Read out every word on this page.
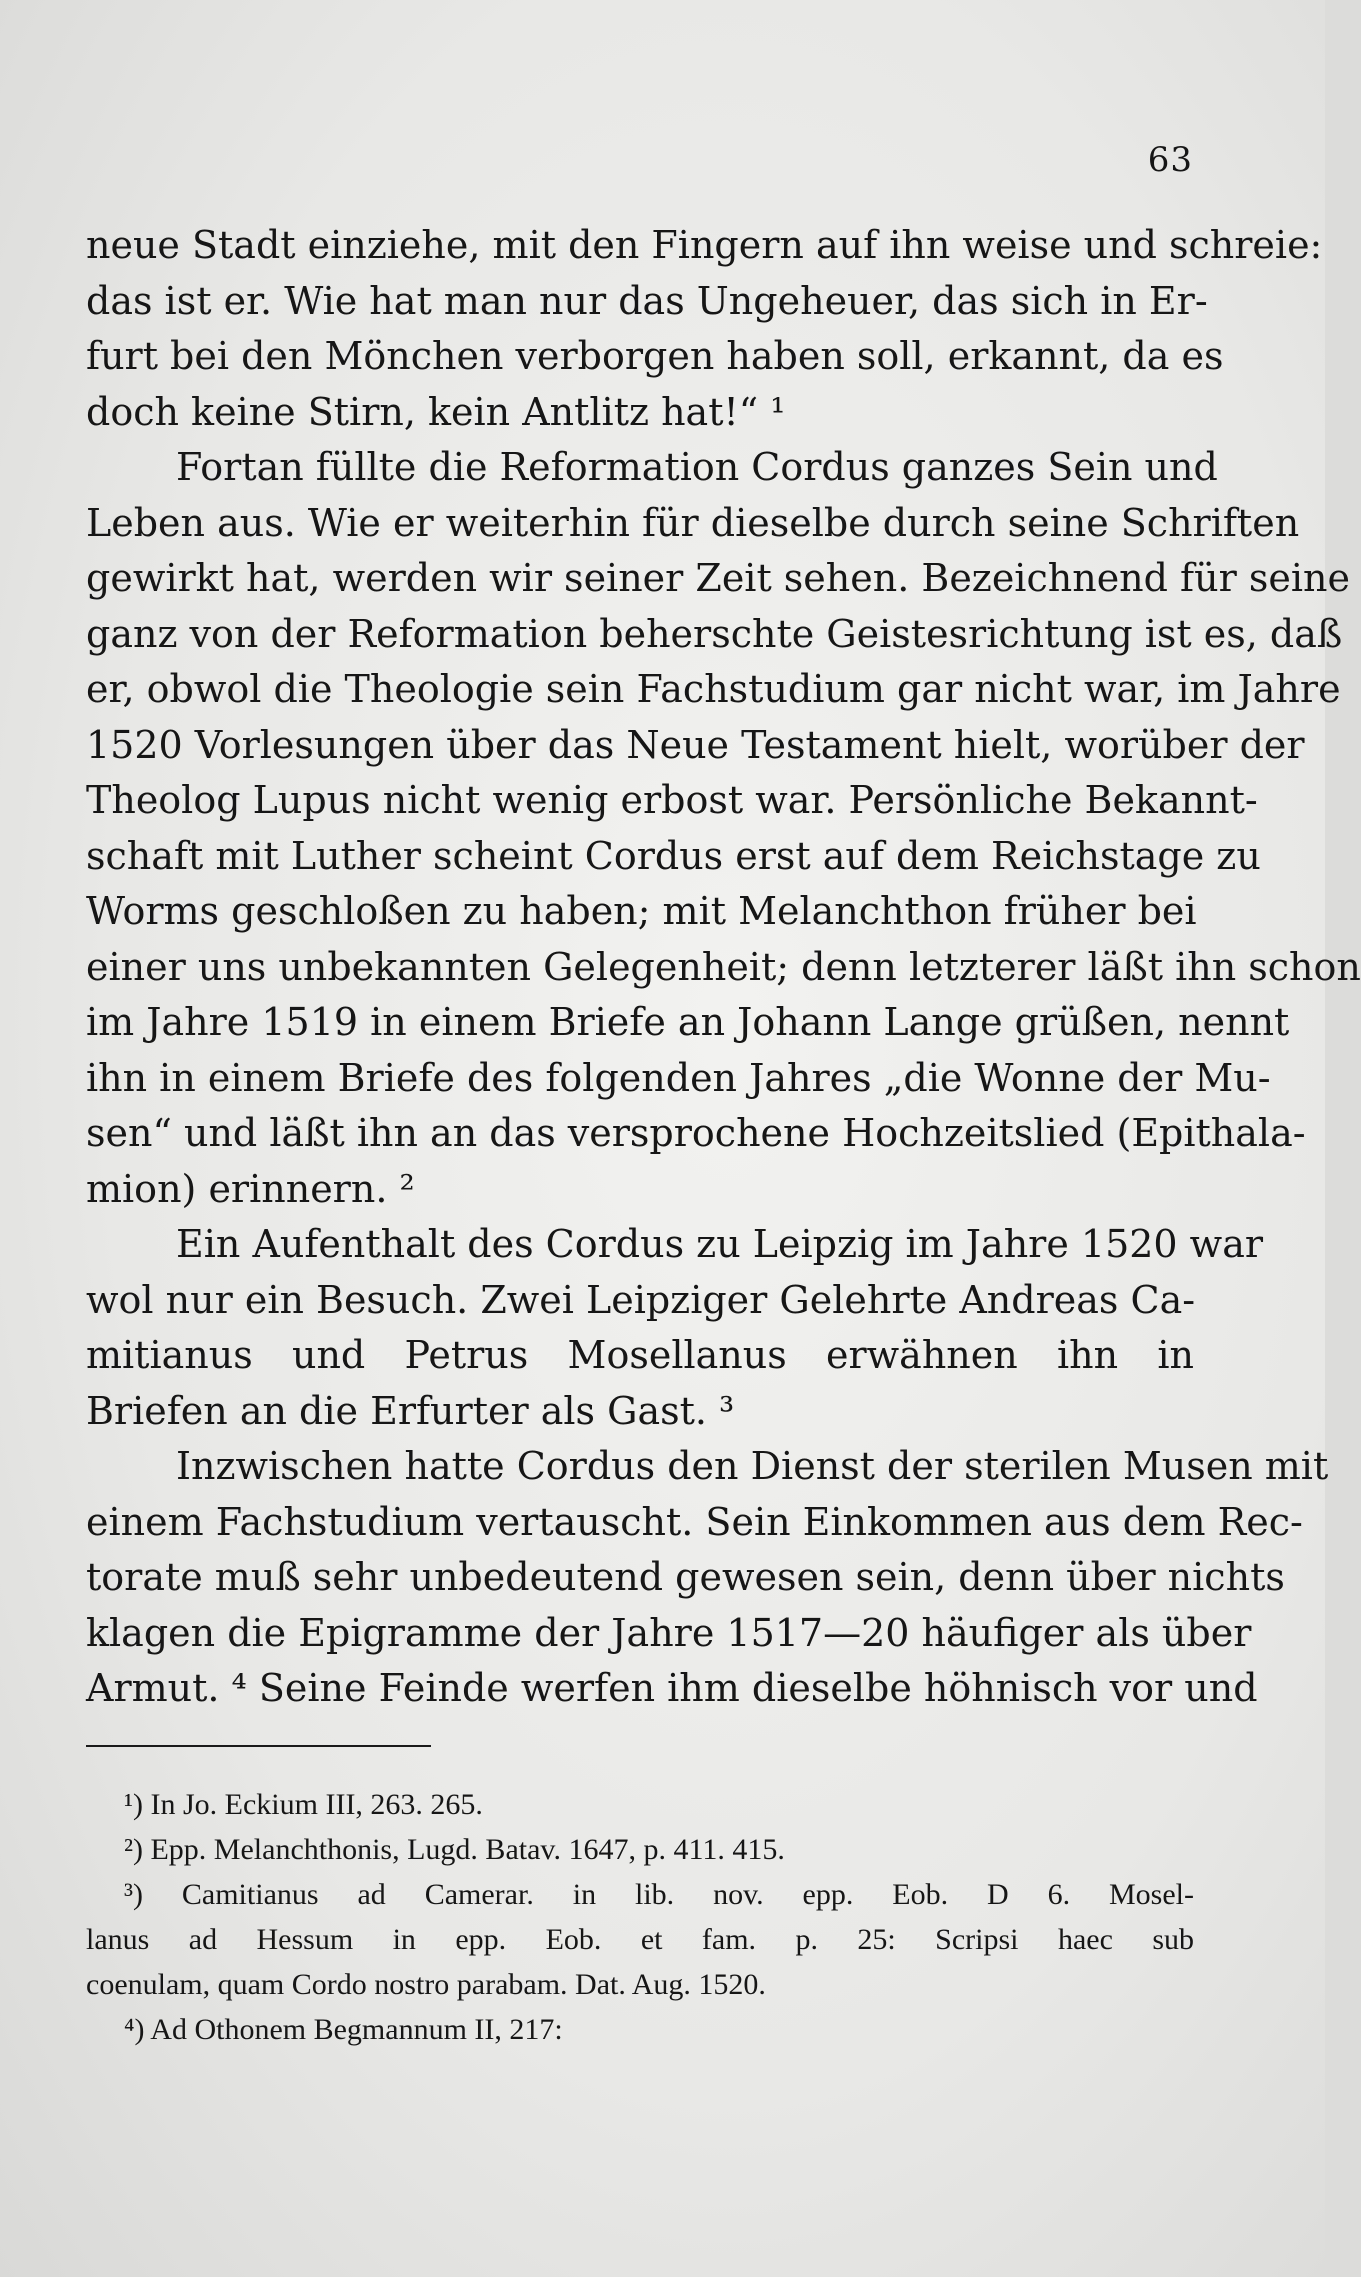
63
neue Stadt einziehe, mit den Fingern auf ihn weise und schreie:
das ist er. Wie hat man nur das Ungeheuer, das sich in Er-
furt bei den Mönchen verborgen haben soll, erkannt, da es
doch keine Stirn, kein Antlitz hat!“ ¹
Fortan füllte die Reformation Cordus ganzes Sein und
Leben aus. Wie er weiterhin für dieselbe durch seine Schriften
gewirkt hat, werden wir seiner Zeit sehen. Bezeichnend für seine
ganz von der Reformation beherschte Geistesrichtung ist es, daß
er, obwol die Theologie sein Fachstudium gar nicht war, im Jahre
1520 Vorlesungen über das Neue Testament hielt, worüber der
Theolog Lupus nicht wenig erbost war. Persönliche Bekannt-
schaft mit Luther scheint Cordus erst auf dem Reichstage zu
Worms geschloßen zu haben; mit Melanchthon früher bei
einer uns unbekannten Gelegenheit; denn letzterer läßt ihn schon
im Jahre 1519 in einem Briefe an Johann Lange grüßen, nennt
ihn in einem Briefe des folgenden Jahres „die Wonne der Mu-
sen“ und läßt ihn an das versprochene Hochzeitslied (Epithala-
mion) erinnern. ²
Ein Aufenthalt des Cordus zu Leipzig im Jahre 1520 war
wol nur ein Besuch. Zwei Leipziger Gelehrte Andreas Ca-
mitianus und Petrus Mosellanus erwähnen ihn in
Briefen an die Erfurter als Gast. ³
Inzwischen hatte Cordus den Dienst der sterilen Musen mit
einem Fachstudium vertauscht. Sein Einkommen aus dem Rec-
torate muß sehr unbedeutend gewesen sein, denn über nichts
klagen die Epigramme der Jahre 1517—20 häufiger als über
Armut. ⁴ Seine Feinde werfen ihm dieselbe höhnisch vor und
¹) In Jo. Eckium III, 263. 265.
²) Epp. Melanchthonis, Lugd. Batav. 1647, p. 411. 415.
³) Camitianus ad Camerar. in lib. nov. epp. Eob. D 6. Mosel-
lanus ad Hessum in epp. Eob. et fam. p. 25: Scripsi haec sub
coenulam, quam Cordo nostro parabam. Dat. Aug. 1520.
⁴) Ad Othonem Begmannum II, 217:
